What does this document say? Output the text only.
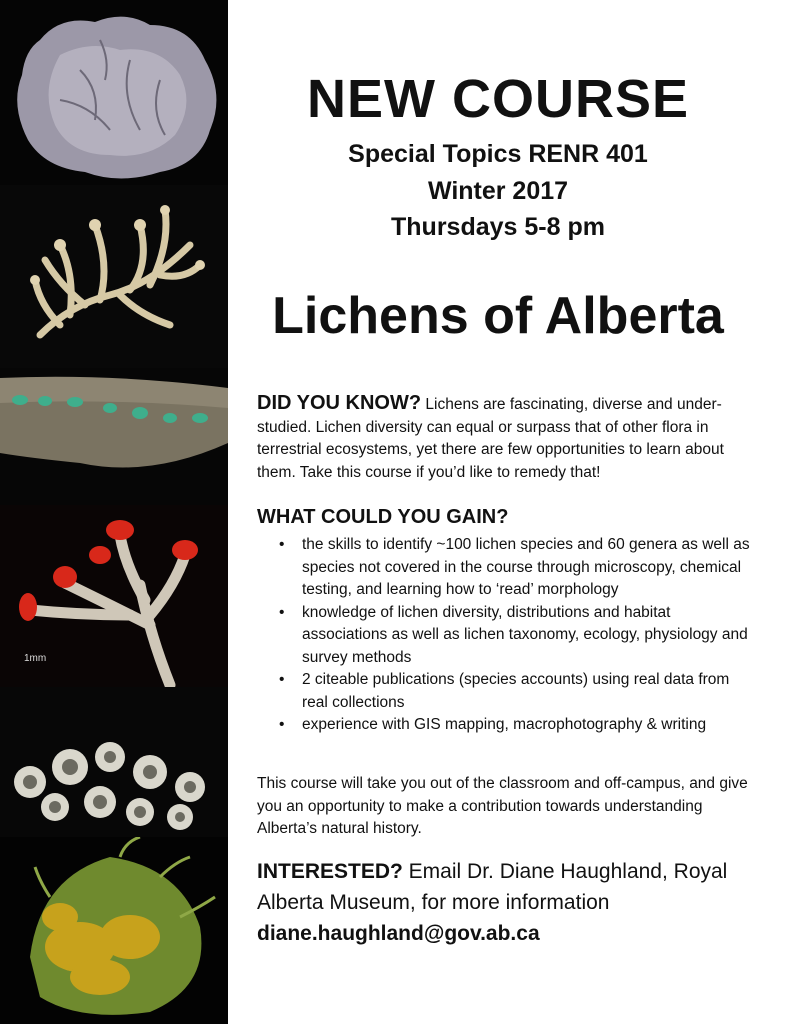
1mm
NEW COURSE
Special Topics RENR 401
Winter 2017
Thursdays 5-8 pm
Lichens of Alberta
DID YOU KNOW? Lichens are fascinating, diverse and under-studied. Lichen diversity can equal or surpass that of other flora in terrestrial ecosystems, yet there are few opportunities to learn about them. Take this course if you’d like to remedy that!
WHAT COULD YOU GAIN?
• the skills to identify ~100 lichen species and 60 genera as well as species not covered in the course through microscopy, chemical testing, and learning how to ‘read’ morphology
• knowledge of lichen diversity, distributions and habitat associations as well as lichen taxonomy, ecology, physiology and survey methods
• 2 citeable publications (species accounts) using real data from real collections
• experience with GIS mapping, macrophotography & writing
This course will take you out of the classroom and off-campus, and give you an opportunity to make a contribution towards understanding Alberta’s natural history.
INTERESTED? Email Dr. Diane Haughland, Royal Alberta Museum, for more information
diane.haughland@gov.ab.ca
